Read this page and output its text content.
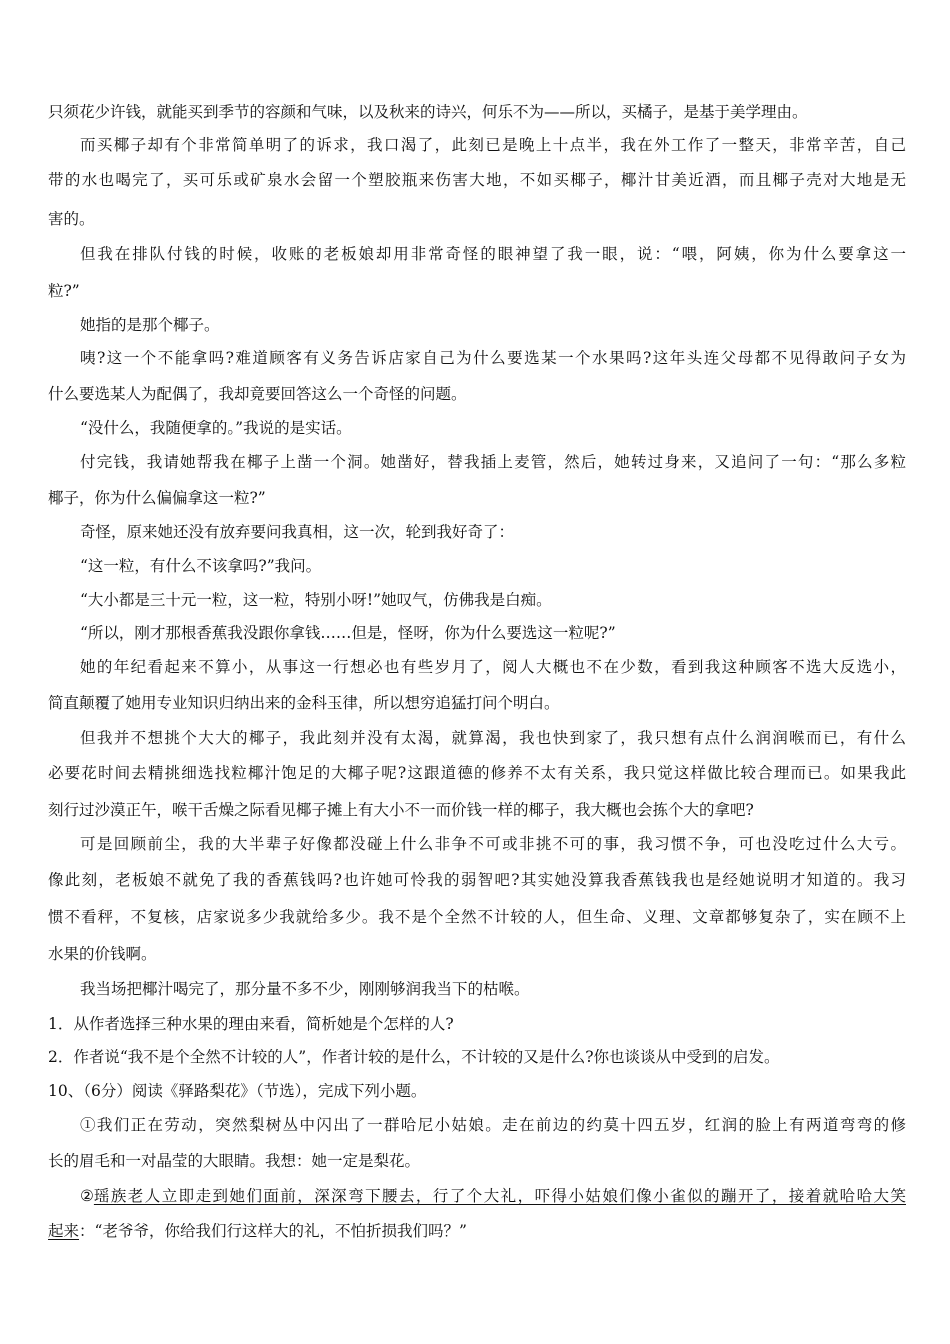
只须花少许钱，就能买到季节的容颜和气味，以及秋来的诗兴，何乐不为——所以，买橘子，是基于美学理由。
而买椰子却有个非常简单明了的诉求，我口渴了，此刻已是晚上十点半，我在外工作了一整天，非常辛苦，自己
带的水也喝完了，买可乐或矿泉水会留一个塑胶瓶来伤害大地，不如买椰子，椰汁甘美近酒，而且椰子壳对大地是无
害的。
但我在排队付钱的时候，收账的老板娘却用非常奇怪的眼神望了我一眼，说：“喂，阿姨，你为什么要拿这一
粒?”
她指的是那个椰子。
咦?这一个不能拿吗?难道顾客有义务告诉店家自己为什么要选某一个水果吗?这年头连父母都不见得敢问子女为
什么要选某人为配偶了，我却竟要回答这么一个奇怪的问题。
“没什么，我随便拿的。”我说的是实话。
付完钱，我请她帮我在椰子上凿一个洞。她凿好，替我插上麦管，然后，她转过身来，又追问了一句：“那么多粒
椰子，你为什么偏偏拿这一粒?”
奇怪，原来她还没有放弃要问我真相，这一次，轮到我好奇了：
“这一粒，有什么不该拿吗?”我问。
“大小都是三十元一粒，这一粒，特别小呀!”她叹气，仿佛我是白痴。
“所以，刚才那根香蕉我没跟你拿钱……但是，怪呀，你为什么要选这一粒呢?”
她的年纪看起来不算小，从事这一行想必也有些岁月了，阅人大概也不在少数，看到我这种顾客不选大反选小，
简直颠覆了她用专业知识归纳出来的金科玉律，所以想穷追猛打问个明白。
但我并不想挑个大大的椰子，我此刻并没有太渴，就算渴，我也快到家了，我只想有点什么润润喉而已，有什么
必要花时间去精挑细选找粒椰汁饱足的大椰子呢?这跟道德的修养不太有关系，我只觉这样做比较合理而已。如果我此
刻行过沙漠正午，喉干舌燥之际看见椰子摊上有大小不一而价钱一样的椰子，我大概也会拣个大的拿吧?
可是回顾前尘，我的大半辈子好像都没碰上什么非争不可或非挑不可的事，我习惯不争，可也没吃过什么大亏。
像此刻，老板娘不就免了我的香蕉钱吗?也许她可怜我的弱智吧?其实她没算我香蕉钱我也是经她说明才知道的。我习
惯不看秤，不复核，店家说多少我就给多少。我不是个全然不计较的人，但生命、义理、文章都够复杂了，实在顾不上
水果的价钱啊。
我当场把椰汁喝完了，那分量不多不少，刚刚够润我当下的枯喉。
1．从作者选择三种水果的理由来看，简析她是个怎样的人?
2．作者说“我不是个全然不计较的人”，作者计较的是什么，不计较的又是什么?你也谈谈从中受到的启发。
10、（6分）阅读《驿路梨花》（节选），完成下列小题。
①我们正在劳动，突然梨树丛中闪出了一群哈尼小姑娘。走在前边的约莫十四五岁，红润的脸上有两道弯弯的修
长的眉毛和一对晶莹的大眼睛。我想：她一定是梨花。
② 瑶族老人立即走到她们面前，深深弯下腰去，行了个大礼，吓得小姑娘们像小雀似的蹦开了，接着就哈哈大笑
起来：“老爷爷，你给我们行这样大的礼，不怕折损我们吗？”
